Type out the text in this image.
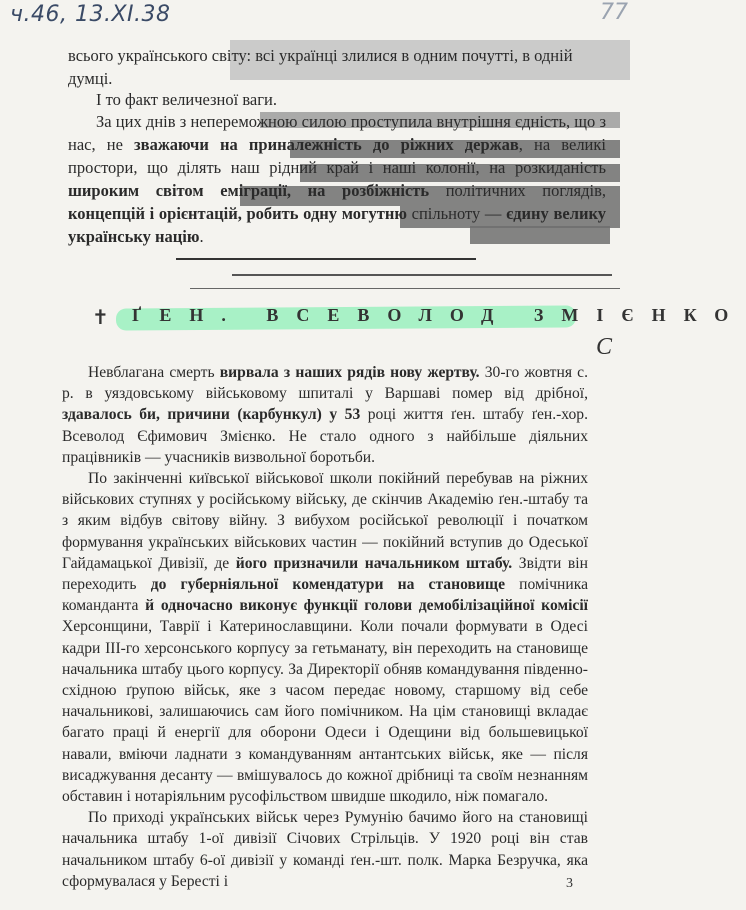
ч.46, 13.XI.38	77

всього українського світу: всі українці злилися в одним почутті, в одній думці.

І то факт величезної ваги.

За цих днів з непереможною силою проступила внутрішня єдність, що з нас, не зважаючи на приналежність до ріжних держав, на великі простори, що ділять наш рідний край і наші колонії, на розкиданість широким світом еміграції, на розбіжність політичних поглядів, концепцій і орієнтацій, робить одну могутню спільноту — єдину велику українську націю.

✝ ҐЕН. ВСЕВОЛОД ЗМІЄНКО
C

Невблагана смерть вирвала з наших рядів нову жертву. 30-го жовтня с. р. в уяздовському військовому шпиталі у Варшаві помер від дрібної, здавалось би, причини (карбункул) у 53 році життя ґен. штабу ґен.-хор. Всеволод Єфимович Змієнко. Не стало одного з найбільше діяльних працівників — учасників визвольної боротьби.

По закінченні київської військової школи покійний перебував на ріжних військових ступнях у російському війську, де скінчив Академію ґен.-штабу та з яким відбув світову війну. З вибухом російської революції і початком формування українських військових частин — покійний вступив до Одеської Гайдамацької Дивізії, де його призначили начальником штабу. Звідти він переходить до губерніяльної комендатури на становище помічника команданта й одночасно виконує функції голови демобілізаційної комісії Херсонщини, Таврії і Катеринославщини. Коли почали формувати в Одесі кадри ІІІ-го херсонського корпусу за гетьманату, він переходить на становище начальника штабу цього корпусу. За Директорії обняв командування південно-східною ґрупою військ, яке з часом передає новому, старшому від себе начальникові, залишаючись сам його помічником. На цім становищі вкладає багато праці й енергії для оборони Одеси і Одещини від большевицької навали, вміючи ладнати з командуванням антантських військ, яке — після висаджування десанту — вмішувалось до кожної дрібниці та своїм незнанням обставин і нотаріяльним русофільством швидше шкодило, ніж помагало.

По приході українських військ через Румунію бачимо його на становищі начальника штабу 1-ої дивізії Січових Стрільців. У 1920 році він став начальником штабу 6-ої дивізії у команді ґен.-шт. полк. Марка Безручка, яка сформувалася у Бересті і	3
